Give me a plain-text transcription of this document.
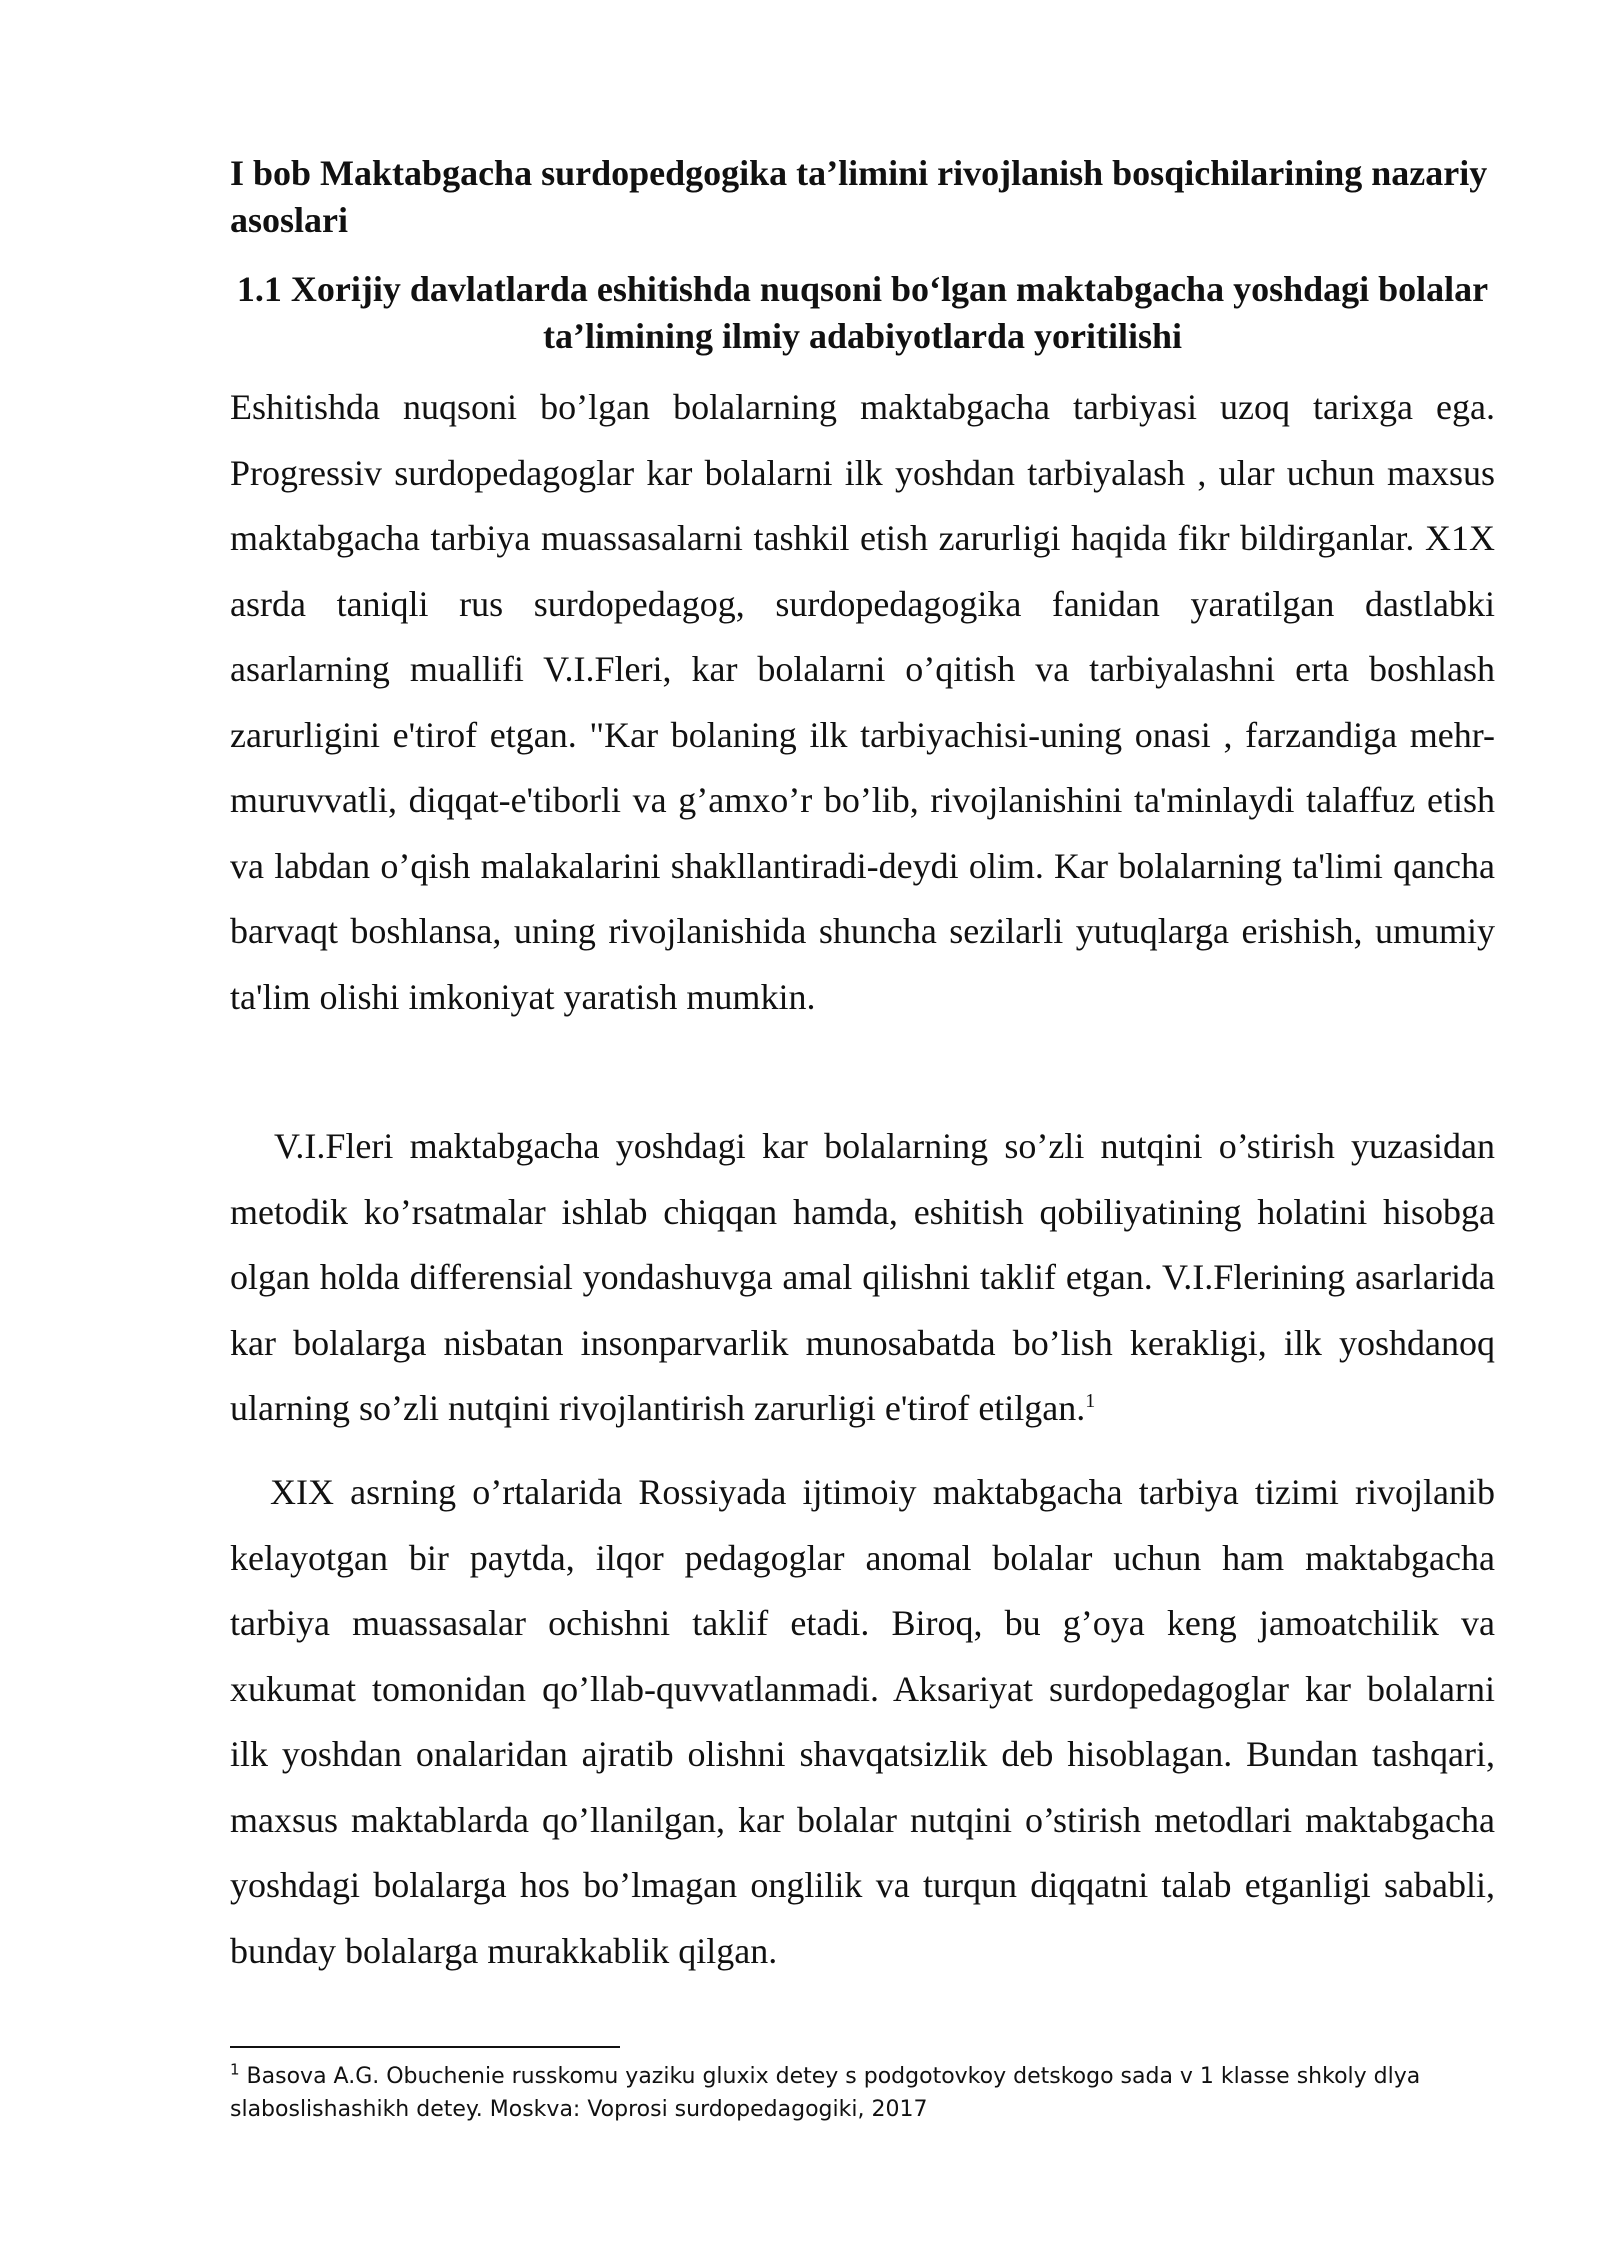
I bob Maktabgacha surdopedgogika ta’limini rivojlanish bosqichilarining nazariy asoslari
1.1 Xorijiy davlatlarda eshitishda nuqsoni bo‘lgan maktabgacha yoshdagi bolalar ta’limining ilmiy adabiyotlarda yoritilishi

Eshitishda nuqsoni bo’lgan bolalarning maktabgacha tarbiyasi uzoq tarixga ega. Progressiv surdopedagoglar kar bolalarni ilk yoshdan tarbiyalash , ular uchun maxsus maktabgacha tarbiya muassasalarni tashkil etish zarurligi haqida fikr bildirganlar. X1X asrda taniqli rus surdopedagog, surdopedagogika fanidan yaratilgan dastlabki asarlarning muallifi V.I.Fleri, kar bolalarni o’qitish va tarbiyalashni erta boshlash zarurligini e'tirof etgan. "Kar bolaning ilk tarbiyachisi-uning onasi , farzandiga mehr-muruvvatli, diqqat-e'tiborli va g’amxo’r bo’lib, rivojlanishini ta'minlaydi talaffuz etish va labdan o’qish malakalarini shakllantiradi-deydi olim. Kar bolalarning ta'limi qancha barvaqt boshlansa, uning rivojlanishida shuncha sezilarli yutuqlarga erishish, umumiy ta'lim olishi imkoniyat yaratish mumkin.

V.I.Fleri maktabgacha yoshdagi kar bolalarning so’zli nutqini o’stirish yuzasidan metodik ko’rsatmalar ishlab chiqqan hamda, eshitish qobiliyatining holatini hisobga olgan holda differensial yondashuvga amal qilishni taklif etgan. V.I.Flerining asarlarida kar bolalarga nisbatan insonparvarlik munosabatda bo’lish kerakligi, ilk yoshdanoq ularning so’zli nutqini rivojlantirish zarurligi e'tirof etilgan.$^1$

XIX asrning o’rtalarida Rossiyada ijtimoiy maktabgacha tarbiya tizimi rivojlanib kelayotgan bir paytda, ilqor pedagoglar anomal bolalar uchun ham maktabgacha tarbiya muassasalar ochishni taklif etadi. Biroq, bu g’oya keng jamoatchilik va xukumat tomonidan qo’llab-quvvatlanmadi. Aksariyat surdopedagoglar kar bolalarni ilk yoshdan onalaridan ajratib olishni shavqatsizlik deb hisoblagan. Bundan tashqari, maxsus maktablarda qo’llanilgan, kar bolalar nutqini o’stirish metodlari maktabgacha yoshdagi bolalarga hos bo’lmagan onglilik va turqun diqqatni talab etganligi sababli, bunday bolalarga murakkablik qilgan.

$^1$ Basova A.G. Obuchenie russkomu yaziku gluxix detey s podgotovkoy detskogo sada v 1 klasse shkoly dlya slaboslishashikh detey. Moskva: Voprosi surdopedagogiki, 2017
